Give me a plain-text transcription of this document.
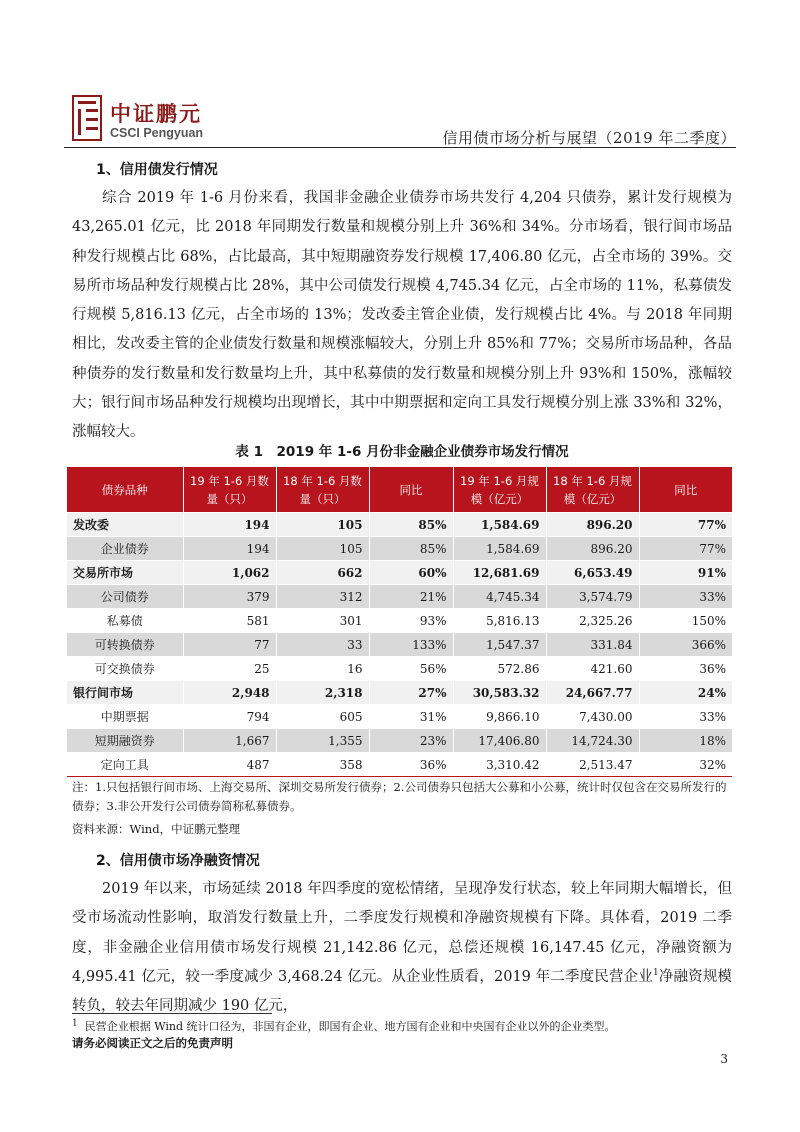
中证鹏元
CSCI Pengyuan	信用债市场分析与展望（2019 年二季度）
1、信用债发行情况

综合 2019 年 1-6 月份来看，我国非金融企业债券市场共发行 4,204 只债券，累计发行规模为 43,265.01 亿元，比 2018 年同期发行数量和规模分别上升 36%和 34%。分市场看，银行间市场品种发行规模占比 68%，占比最高，其中短期融资券发行规模 17,406.80 亿元，占全市场的 39%。交易所市场品种发行规模占比 28%，其中公司债发行规模 4,745.34 亿元，占全市场的 11%，私募债发行规模 5,816.13 亿元，占全市场的 13%；发改委主管企业债，发行规模占比 4%。与 2018 年同期相比，发改委主管的企业债发行数量和规模涨幅较大，分别上升 85%和 77%；交易所市场品种，各品种债券的发行数量和发行数量均上升，其中私募债的发行数量和规模分别上升 93%和 150%，涨幅较大；银行间市场品种发行规模均出现增长，其中中期票据和定向工具发行规模分别上涨 33%和 32%，涨幅较大。

表 1　2019 年 1-6 月份非金融企业债券市场发行情况
债券品种	19 年 1-6 月数量（只）	18 年 1-6 月数量（只）	同比	19 年 1-6 月规模（亿元）	18 年 1-6 月规模（亿元）	同比
发改委	194	105	85%	1,584.69	896.20	77%
企业债券	194	105	85%	1,584.69	896.20	77%
交易所市场	1,062	662	60%	12,681.69	6,653.49	91%
公司债券	379	312	21%	4,745.34	3,574.79	33%
私募债	581	301	93%	5,816.13	2,325.26	150%
可转换债券	77	33	133%	1,547.37	331.84	366%
可交换债券	25	16	56%	572.86	421.60	36%
银行间市场	2,948	2,318	27%	30,583.32	24,667.77	24%
中期票据	794	605	31%	9,866.10	7,430.00	33%
短期融资券	1,667	1,355	23%	17,406.80	14,724.30	18%
定向工具	487	358	36%	3,310.42	2,513.47	32%

注：1.只包括银行间市场、上海交易所、深圳交易所发行债券；2.公司债券只包括大公募和小公募，统计时仅包含在交易所发行的债券；3.非公开发行公司债券简称私募债券。

资料来源：Wind，中证鹏元整理

2、信用债市场净融资情况

2019 年以来，市场延续 2018 年四季度的宽松情绪，呈现净发行状态，较上年同期大幅增长，但受市场流动性影响，取消发行数量上升，二季度发行规模和净融资规模有下降。具体看，2019 二季度，非金融企业信用债市场发行规模 21,142.86 亿元，总偿还规模 16,147.45 亿元，净融资额为 4,995.41 亿元，较一季度减少 3,468.24 亿元。从企业性质看，2019 年二季度民营企业$^1$净融资规模转负，较去年同期减少 190 亿元，

$^1$ 民营企业根据 Wind 统计口径为，非国有企业，即国有企业、地方国有企业和中央国有企业以外的企业类型。
请务必阅读正文之后的免责声明
3
